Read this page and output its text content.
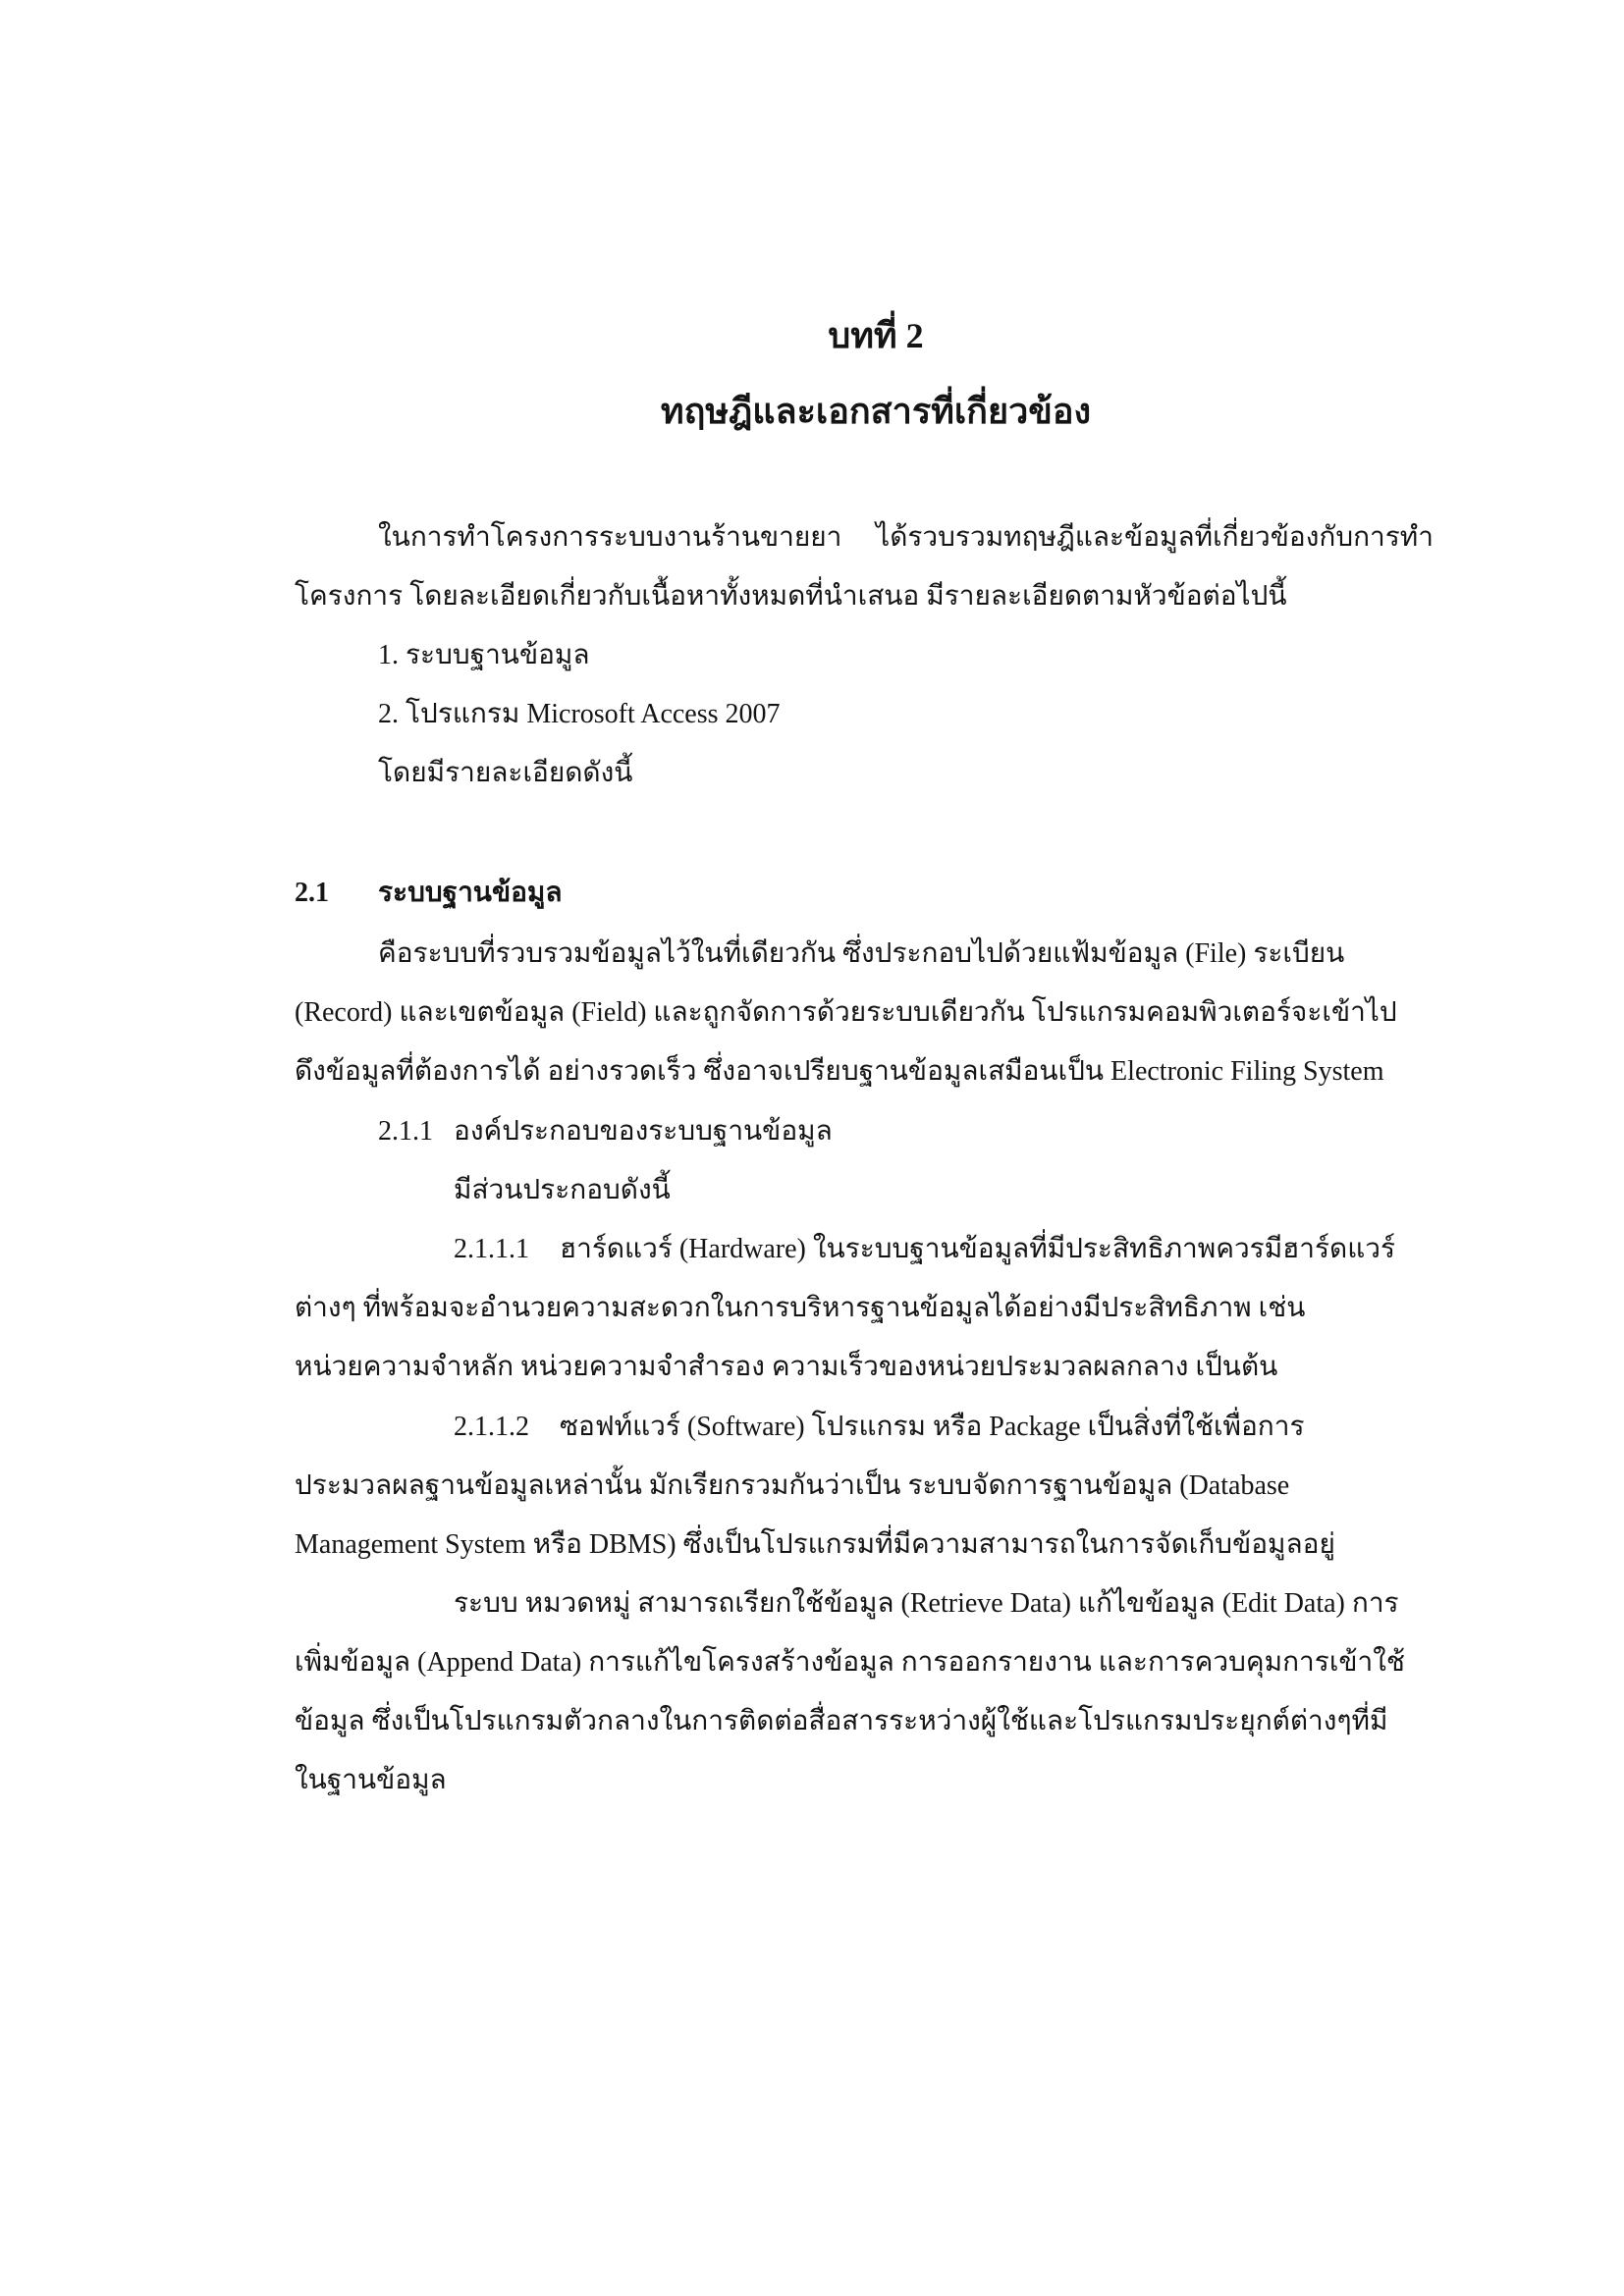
บทที่ 2
ทฤษฎีและเอกสารที่เกี่ยวข้อง
ในการทำโครงการระบบงานร้านขายยา ได้รวบรวมทฤษฎีและข้อมูลที่เกี่ยวข้องกับการทำ
โครงการ โดยละเอียดเกี่ยวกับเนื้อหาทั้งหมดที่นำเสนอ มีรายละเอียดตามหัวข้อต่อไปนี้
1. ระบบฐานข้อมูล
2. โปรแกรม Microsoft Access 2007
โดยมีรายละเอียดดังนี้
2.1	ระบบฐานข้อมูล
คือระบบที่รวบรวมข้อมูลไว้ในที่เดียวกัน ซึ่งประกอบไปด้วยแฟ้มข้อมูล (File) ระเบียน
(Record) และเขตข้อมูล (Field) และถูกจัดการด้วยระบบเดียวกัน โปรแกรมคอมพิวเตอร์จะเข้าไป
ดึงข้อมูลที่ต้องการได้ อย่างรวดเร็ว ซึ่งอาจเปรียบฐานข้อมูลเสมือนเป็น Electronic Filing System
2.1.1 องค์ประกอบของระบบฐานข้อมูล
มีส่วนประกอบดังนี้
2.1.1.1	ฮาร์ดแวร์ (Hardware) ในระบบฐานข้อมูลที่มีประสิทธิภาพควรมีฮาร์ดแวร์
ต่างๆ ที่พร้อมจะอำนวยความสะดวกในการบริหารฐานข้อมูลได้อย่างมีประสิทธิภาพ เช่น
หน่วยความจำหลัก หน่วยความจำสำรอง ความเร็วของหน่วยประมวลผลกลาง เป็นต้น
2.1.1.2	ซอฟท์แวร์ (Software) โปรแกรม หรือ Package เป็นสิ่งที่ใช้เพื่อการ
ประมวลผลฐานข้อมูลเหล่านั้น มักเรียกรวมกันว่าเป็น ระบบจัดการฐานข้อมูล (Database
Management System หรือ DBMS) ซึ่งเป็นโปรแกรมที่มีความสามารถในการจัดเก็บข้อมูลอยู่
ระบบ หมวดหมู่ สามารถเรียกใช้ข้อมูล (Retrieve Data) แก้ไขข้อมูล (Edit Data) การ
เพิ่มข้อมูล (Append Data) การแก้ไขโครงสร้างข้อมูล การออกรายงาน และการควบคุมการเข้าใช้
ข้อมูล ซึ่งเป็นโปรแกรมตัวกลางในการติดต่อสื่อสารระหว่างผู้ใช้และโปรแกรมประยุกต์ต่างๆที่มี
ในฐานข้อมูล
